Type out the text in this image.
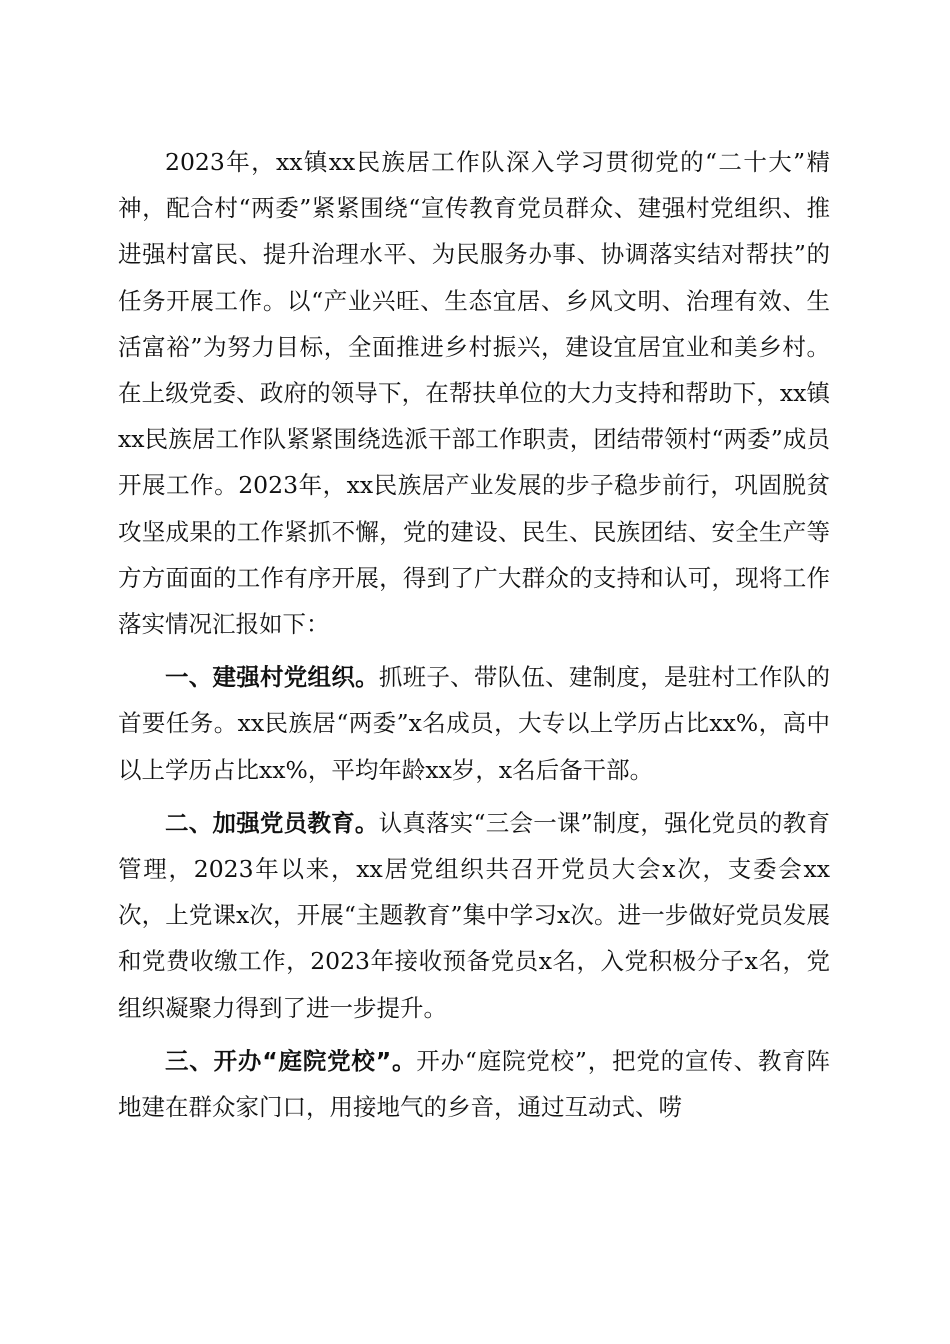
2023年，xx镇xx民族居工作队深入学习贯彻党的“二十大”精神，配合村“两委”紧紧围绕“宣传教育党员群众、建强村党组织、推进强村富民、提升治理水平、为民服务办事、协调落实结对帮扶”的任务开展工作。以“产业兴旺、生态宜居、乡风文明、治理有效、生活富裕”为努力目标，全面推进乡村振兴，建设宜居宜业和美乡村。在上级党委、政府的领导下，在帮扶单位的大力支持和帮助下，xx镇xx民族居工作队紧紧围绕选派干部工作职责，团结带领村“两委”成员开展工作。2023年，xx民族居产业发展的步子稳步前行，巩固脱贫攻坚成果的工作紧抓不懈，党的建设、民生、民族团结、安全生产等方方面面的工作有序开展，得到了广大群众的支持和认可，现将工作落实情况汇报如下：

一、建强村党组织。抓班子、带队伍、建制度，是驻村工作队的首要任务。xx民族居“两委”x名成员，大专以上学历占比xx%，高中以上学历占比xx%，平均年龄xx岁，x名后备干部。

二、加强党员教育。认真落实“三会一课”制度，强化党员的教育管理，2023年以来，xx居党组织共召开党员大会x次，支委会xx次，上党课x次，开展“主题教育”集中学习x次。进一步做好党员发展和党费收缴工作，2023年接收预备党员x名，入党积极分子x名，党组织凝聚力得到了进一步提升。

三、开办“庭院党校”。开办“庭院党校”，把党的宣传、教育阵地建在群众家门口，用接地气的乡音，通过互动式、唠
